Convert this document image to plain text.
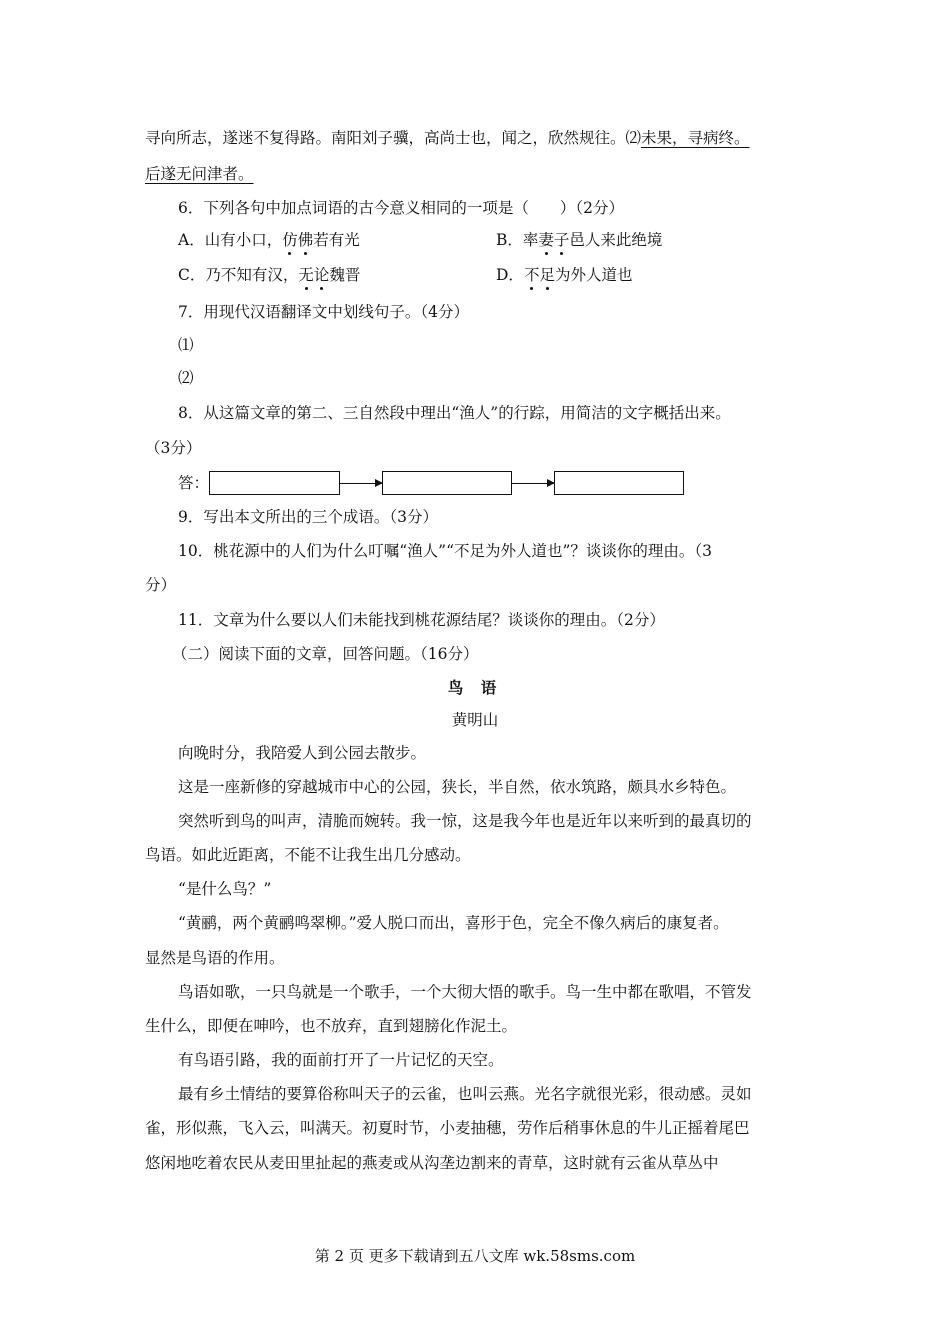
寻向所志，遂迷不复得路。南阳刘子骥，高尚士也，闻之，欣然规往。⑵未果，寻病终。
后遂无问津者。
6．下列各句中加点词语的古今意义相同的一项是（　　）（2分）
A．山有小口，仿佛若有光	B．率妻子邑人来此绝境
C．乃不知有汉，无论魏晋	D．不足为外人道也
7．用现代汉语翻译文中划线句子。（4分）
⑴
⑵
8．从这篇文章的第二、三自然段中理出“渔人”的行踪，用简洁的文字概括出来。
（3分）
答：
9．写出本文所出的三个成语。（3分）
10．桃花源中的人们为什么叮嘱“渔人”“不足为外人道也”？谈谈你的理由。（3
分）
11．文章为什么要以人们未能找到桃花源结尾？谈谈你的理由。（2分）
（二）阅读下面的文章，回答问题。（16分）
鸟 语
黄明山
向晚时分，我陪爱人到公园去散步。
这是一座新修的穿越城市中心的公园，狭长，半自然，依水筑路，颇具水乡特色。
突然听到鸟的叫声，清脆而婉转。我一惊，这是我今年也是近年以来听到的最真切的
鸟语。如此近距离，不能不让我生出几分感动。
“是什么鸟？”
“黄鹂，两个黄鹂鸣翠柳。”爱人脱口而出，喜形于色，完全不像久病后的康复者。
显然是鸟语的作用。
鸟语如歌，一只鸟就是一个歌手，一个大彻大悟的歌手。鸟一生中都在歌唱，不管发
生什么，即便在呻吟，也不放弃，直到翅膀化作泥土。
有鸟语引路，我的面前打开了一片记忆的天空。
最有乡土情结的要算俗称叫天子的云雀，也叫云燕。光名字就很光彩，很动感。灵如
雀，形似燕，飞入云，叫满天。初夏时节，小麦抽穗，劳作后稍事休息的牛儿正摇着尾巴
悠闲地吃着农民从麦田里扯起的燕麦或从沟垄边割来的青草，这时就有云雀从草丛中
第 2 页 更多下载请到五八文库 wk.58sms.com
